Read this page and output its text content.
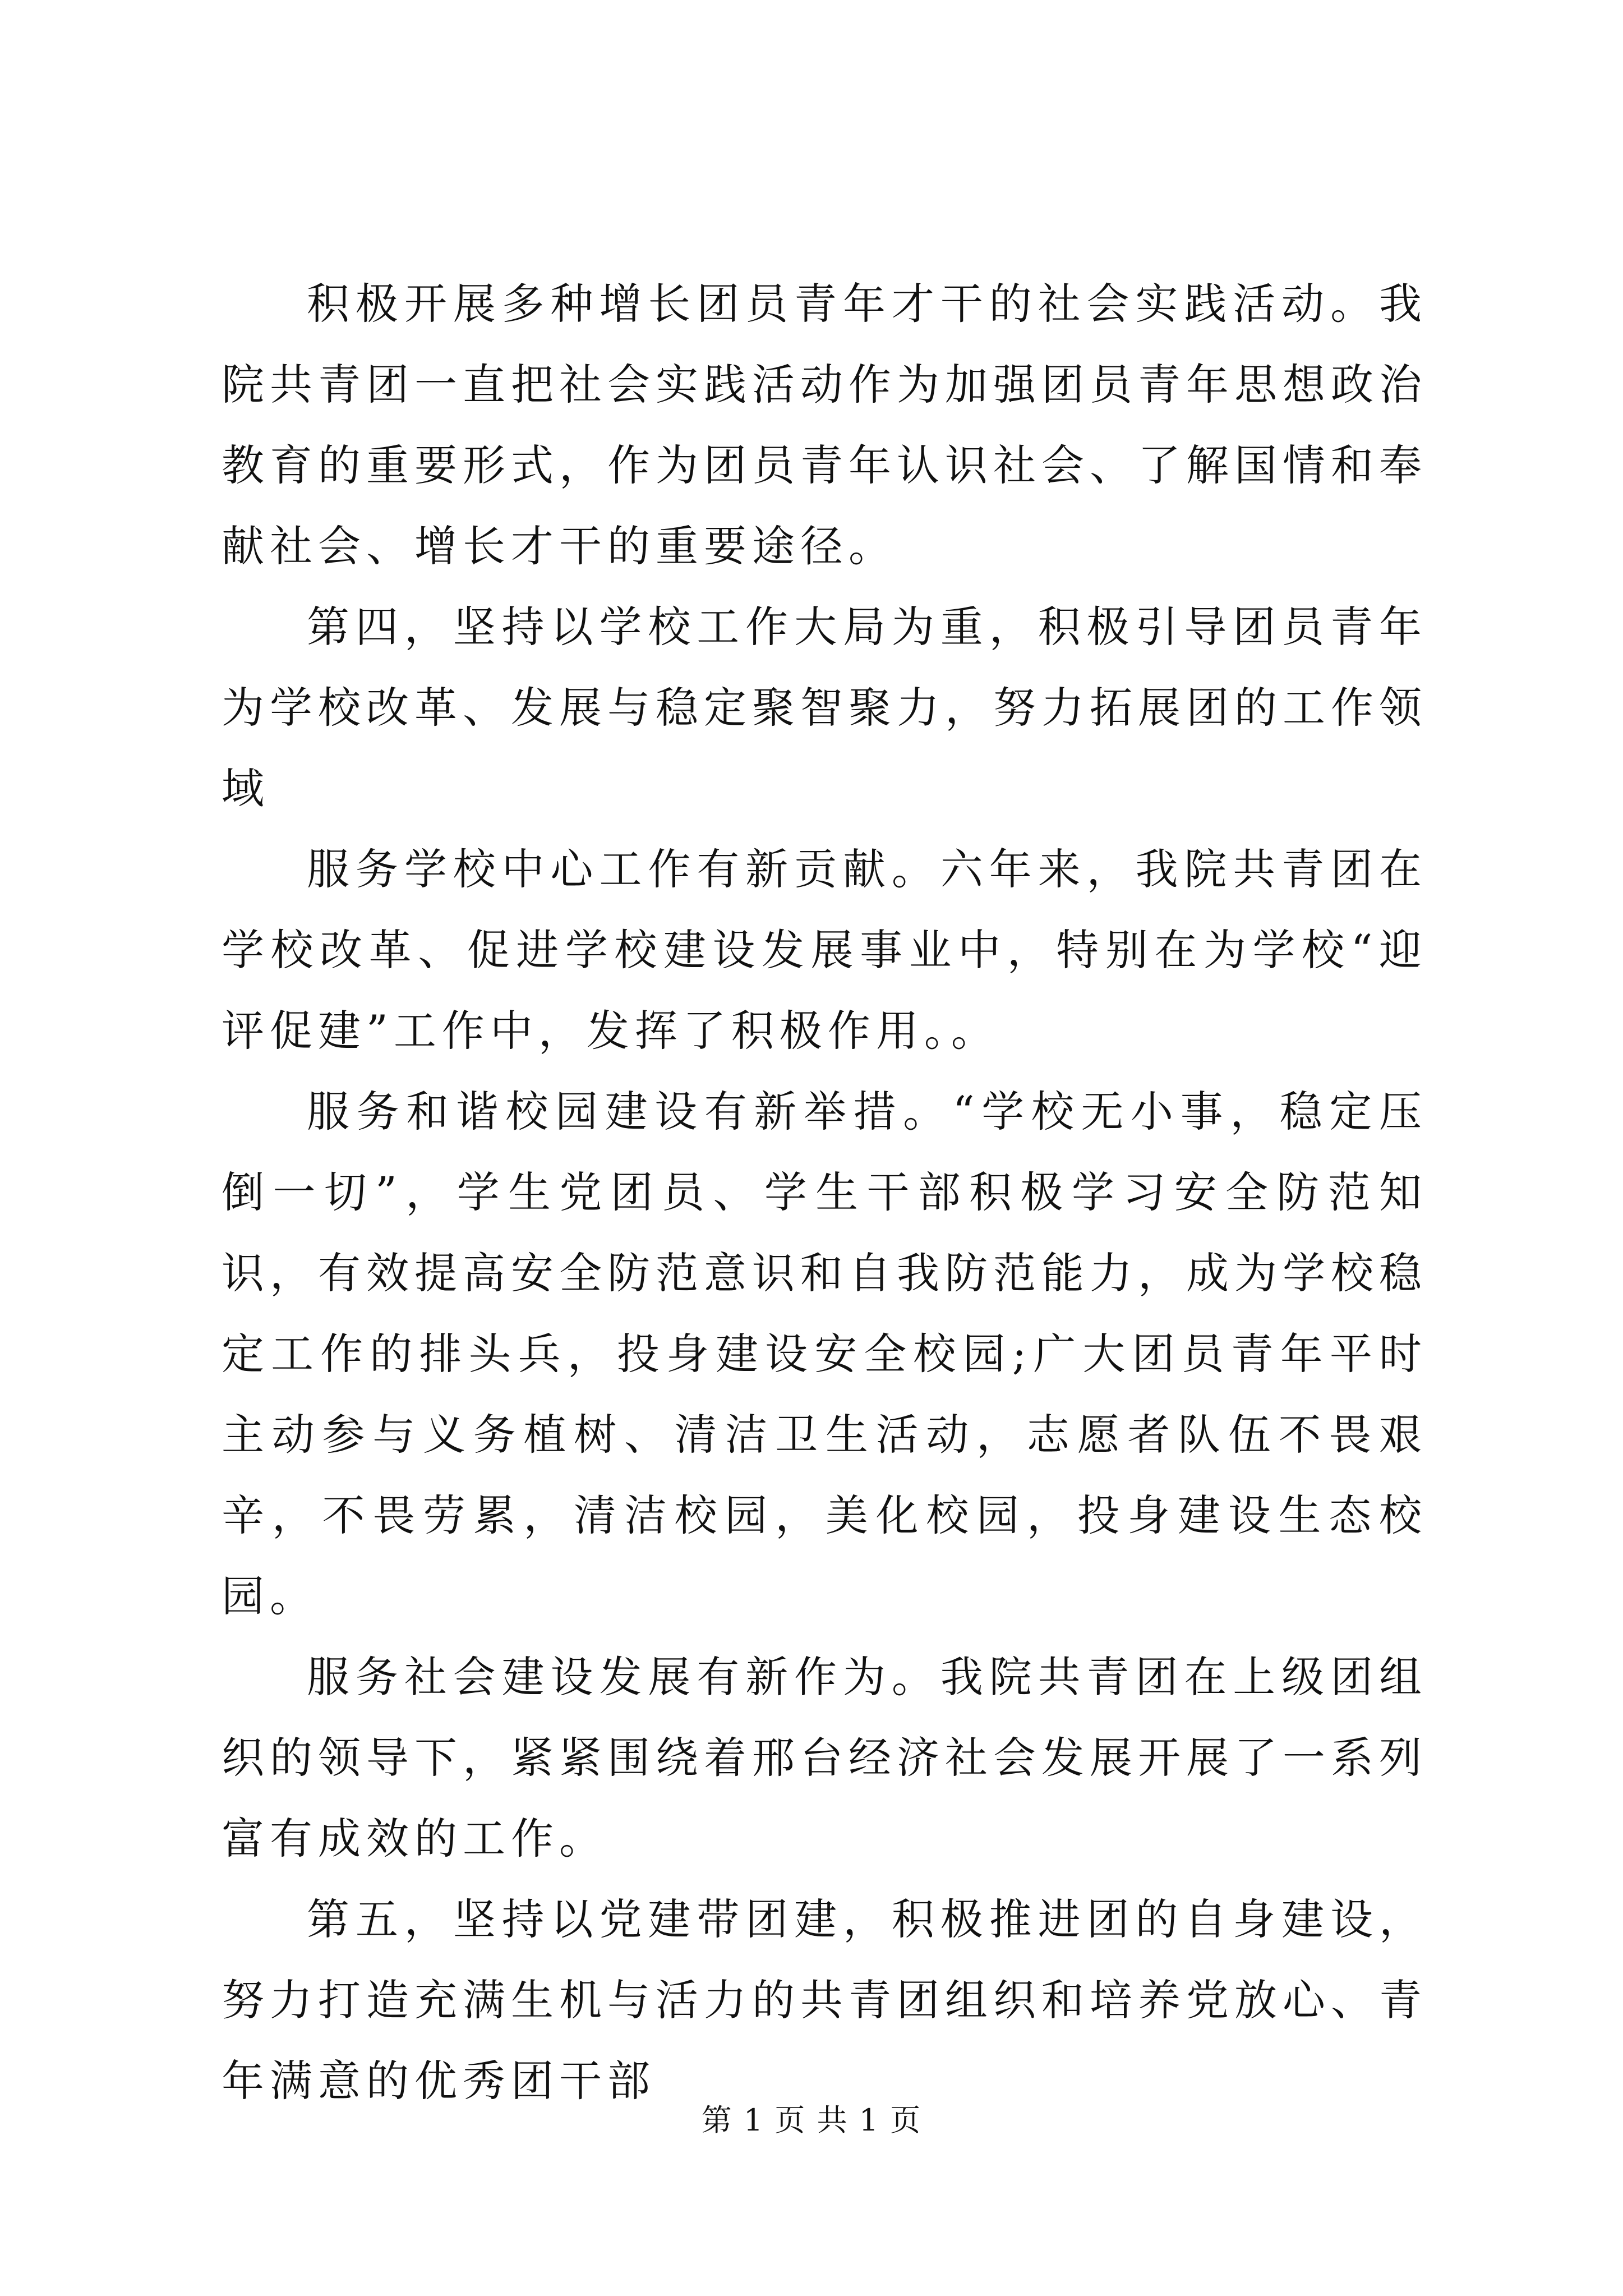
积极开展多种增长团员青年才干的社会实践活动。我院共青团一直把社会实践活动作为加强团员青年思想政治教育的重要形式，作为团员青年认识社会、了解国情和奉献社会、增长才干的重要途径。

第四，坚持以学校工作大局为重，积极引导团员青年为学校改革、发展与稳定聚智聚力，努力拓展团的工作领域

服务学校中心工作有新贡献。六年来，我院共青团在学校改革、促进学校建设发展事业中，特别在为学校“迎评促建”工作中，发挥了积极作用。。

服务和谐校园建设有新举措。“学校无小事，稳定压倒一切”，学生党团员、学生干部积极学习安全防范知识，有效提高安全防范意识和自我防范能力，成为学校稳定工作的排头兵，投身建设安全校园;广大团员青年平时主动参与义务植树、清洁卫生活动，志愿者队伍不畏艰辛，不畏劳累，清洁校园，美化校园，投身建设生态校园。

服务社会建设发展有新作为。我院共青团在上级团组织的领导下，紧紧围绕着邢台经济社会发展开展了一系列富有成效的工作。

第五，坚持以党建带团建，积极推进团的自身建设，努力打造充满生机与活力的共青团组织和培养党放心、青年满意的优秀团干部

第 1 页 共 1 页
